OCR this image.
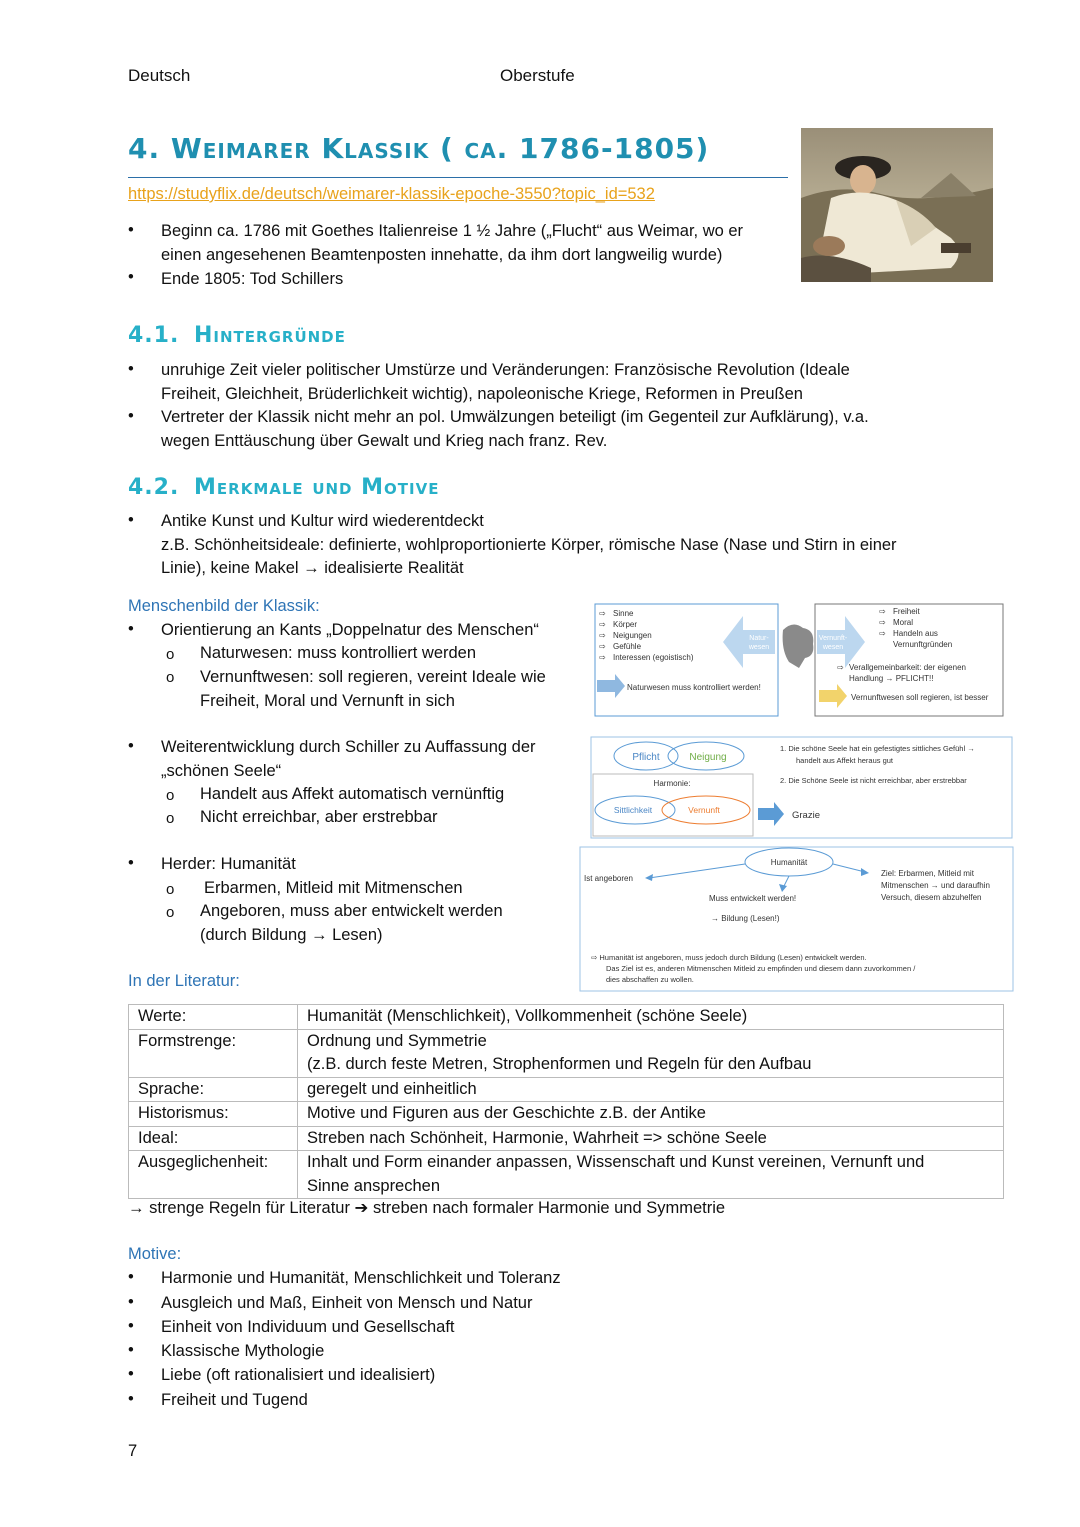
Deutsch	Oberstufe
4. Weimarer Klassik ( ca. 1786-1805)
https://studyflix.de/deutsch/weimarer-klassik-epoche-3550?topic_id=532
• Beginn ca. 1786 mit Goethes Italienreise 1 ½ Jahre („Flucht“ aus Weimar, wo er
einen angesehenen Beamtenposten innehatte, da ihm dort langweilig wurde)
• Ende 1805: Tod Schillers
4.1. Hintergründe
• unruhige Zeit vieler politischer Umstürze und Veränderungen: Französische Revolution (Ideale
Freiheit, Gleichheit, Brüderlichkeit wichtig), napoleonische Kriege, Reformen in Preußen
• Vertreter der Klassik nicht mehr an pol. Umwälzungen beteiligt (im Gegenteil zur Aufklärung), v.a.
wegen Enttäuschung über Gewalt und Krieg nach franz. Rev.
4.2. Merkmale und Motive
• Antike Kunst und Kultur wird wiederentdeckt
z.B. Schönheitsideale: definierte, wohlproportionierte Körper, römische Nase (Nase und Stirn in einer
Linie), keine Makel → idealisierte Realität
Menschenbild der Klassik:
• Orientierung an Kants „Doppelnatur des Menschen“
o Naturwesen: muss kontrolliert werden
o Vernunftwesen: soll regieren, vereint Ideale wie
Freiheit, Moral und Vernunft in sich
• Weiterentwicklung durch Schiller zu Auffassung der
„schönen Seele“
o Handelt aus Affekt automatisch vernünftig
o Nicht erreichbar, aber erstrebbar
• Herder: Humanität
o Erbarmen, Mitleid mit Mitmenschen
o Angeboren, muss aber entwickelt werden
(durch Bildung → Lesen)
⇨ Sinne
⇨ Körper
⇨ Neigungen
⇨ Gefühle
⇨ Interessen (egoistisch)
Natur-wesen
Vernunft-wesen
⇨ Freiheit
⇨ Moral
⇨ Handeln aus
Vernunftgründen
Naturwesen muss kontrolliert werden!
⇨ Verallgemeinbarkeit: der eigenen Handlung → PFLICHT!!
Vernunftwesen soll regieren, ist besser
Pflicht	Neigung
Harmonie:
Sittlichkeit	Vernunft	Grazie
1. Die schöne Seele hat ein gefestigtes sittliches Gefühl → handelt aus Affekt heraus gut
2. Die Schöne Seele ist nicht erreichbar, aber erstrebbar
Humanität
Ist angeboren
Ziel: Erbarmen, Mitleid mit Mitmenschen → und daraufhin Versuch, diesem abzuhelfen
Muss entwickelt werden!
→ Bildung (Lesen!)
⇨ Humanität ist angeboren, muss jedoch durch Bildung (Lesen) entwickelt werden. Das Ziel ist es, anderen Mitmenschen Mitleid zu empfinden und diesem dann zuvorkommen / dies abschaffen zu wollen.
In der Literatur:
Werte:	Humanität (Menschlichkeit), Vollkommenheit (schöne Seele)

Formstrenge:	Ordnung und Symmetrie
(z.B. durch feste Metren, Strophenformen und Regeln für den Aufbau

Sprache:	geregelt und einheitlich

Historismus:	Motive und Figuren aus der Geschichte z.B. der Antike

Ideal:	Streben nach Schönheit, Harmonie, Wahrheit => schöne Seele

Ausgeglichenheit:	Inhalt und Form einander anpassen, Wissenschaft und Kunst vereinen, Vernunft und
Sinne ansprechen
→ strenge Regeln für Literatur ➔ streben nach formaler Harmonie und Symmetrie
Motive:
• Harmonie und Humanität, Menschlichkeit und Toleranz
• Ausgleich und Maß, Einheit von Mensch und Natur
• Einheit von Individuum und Gesellschaft
• Klassische Mythologie
• Liebe (oft rationalisiert und idealisiert)
• Freiheit und Tugend
7
